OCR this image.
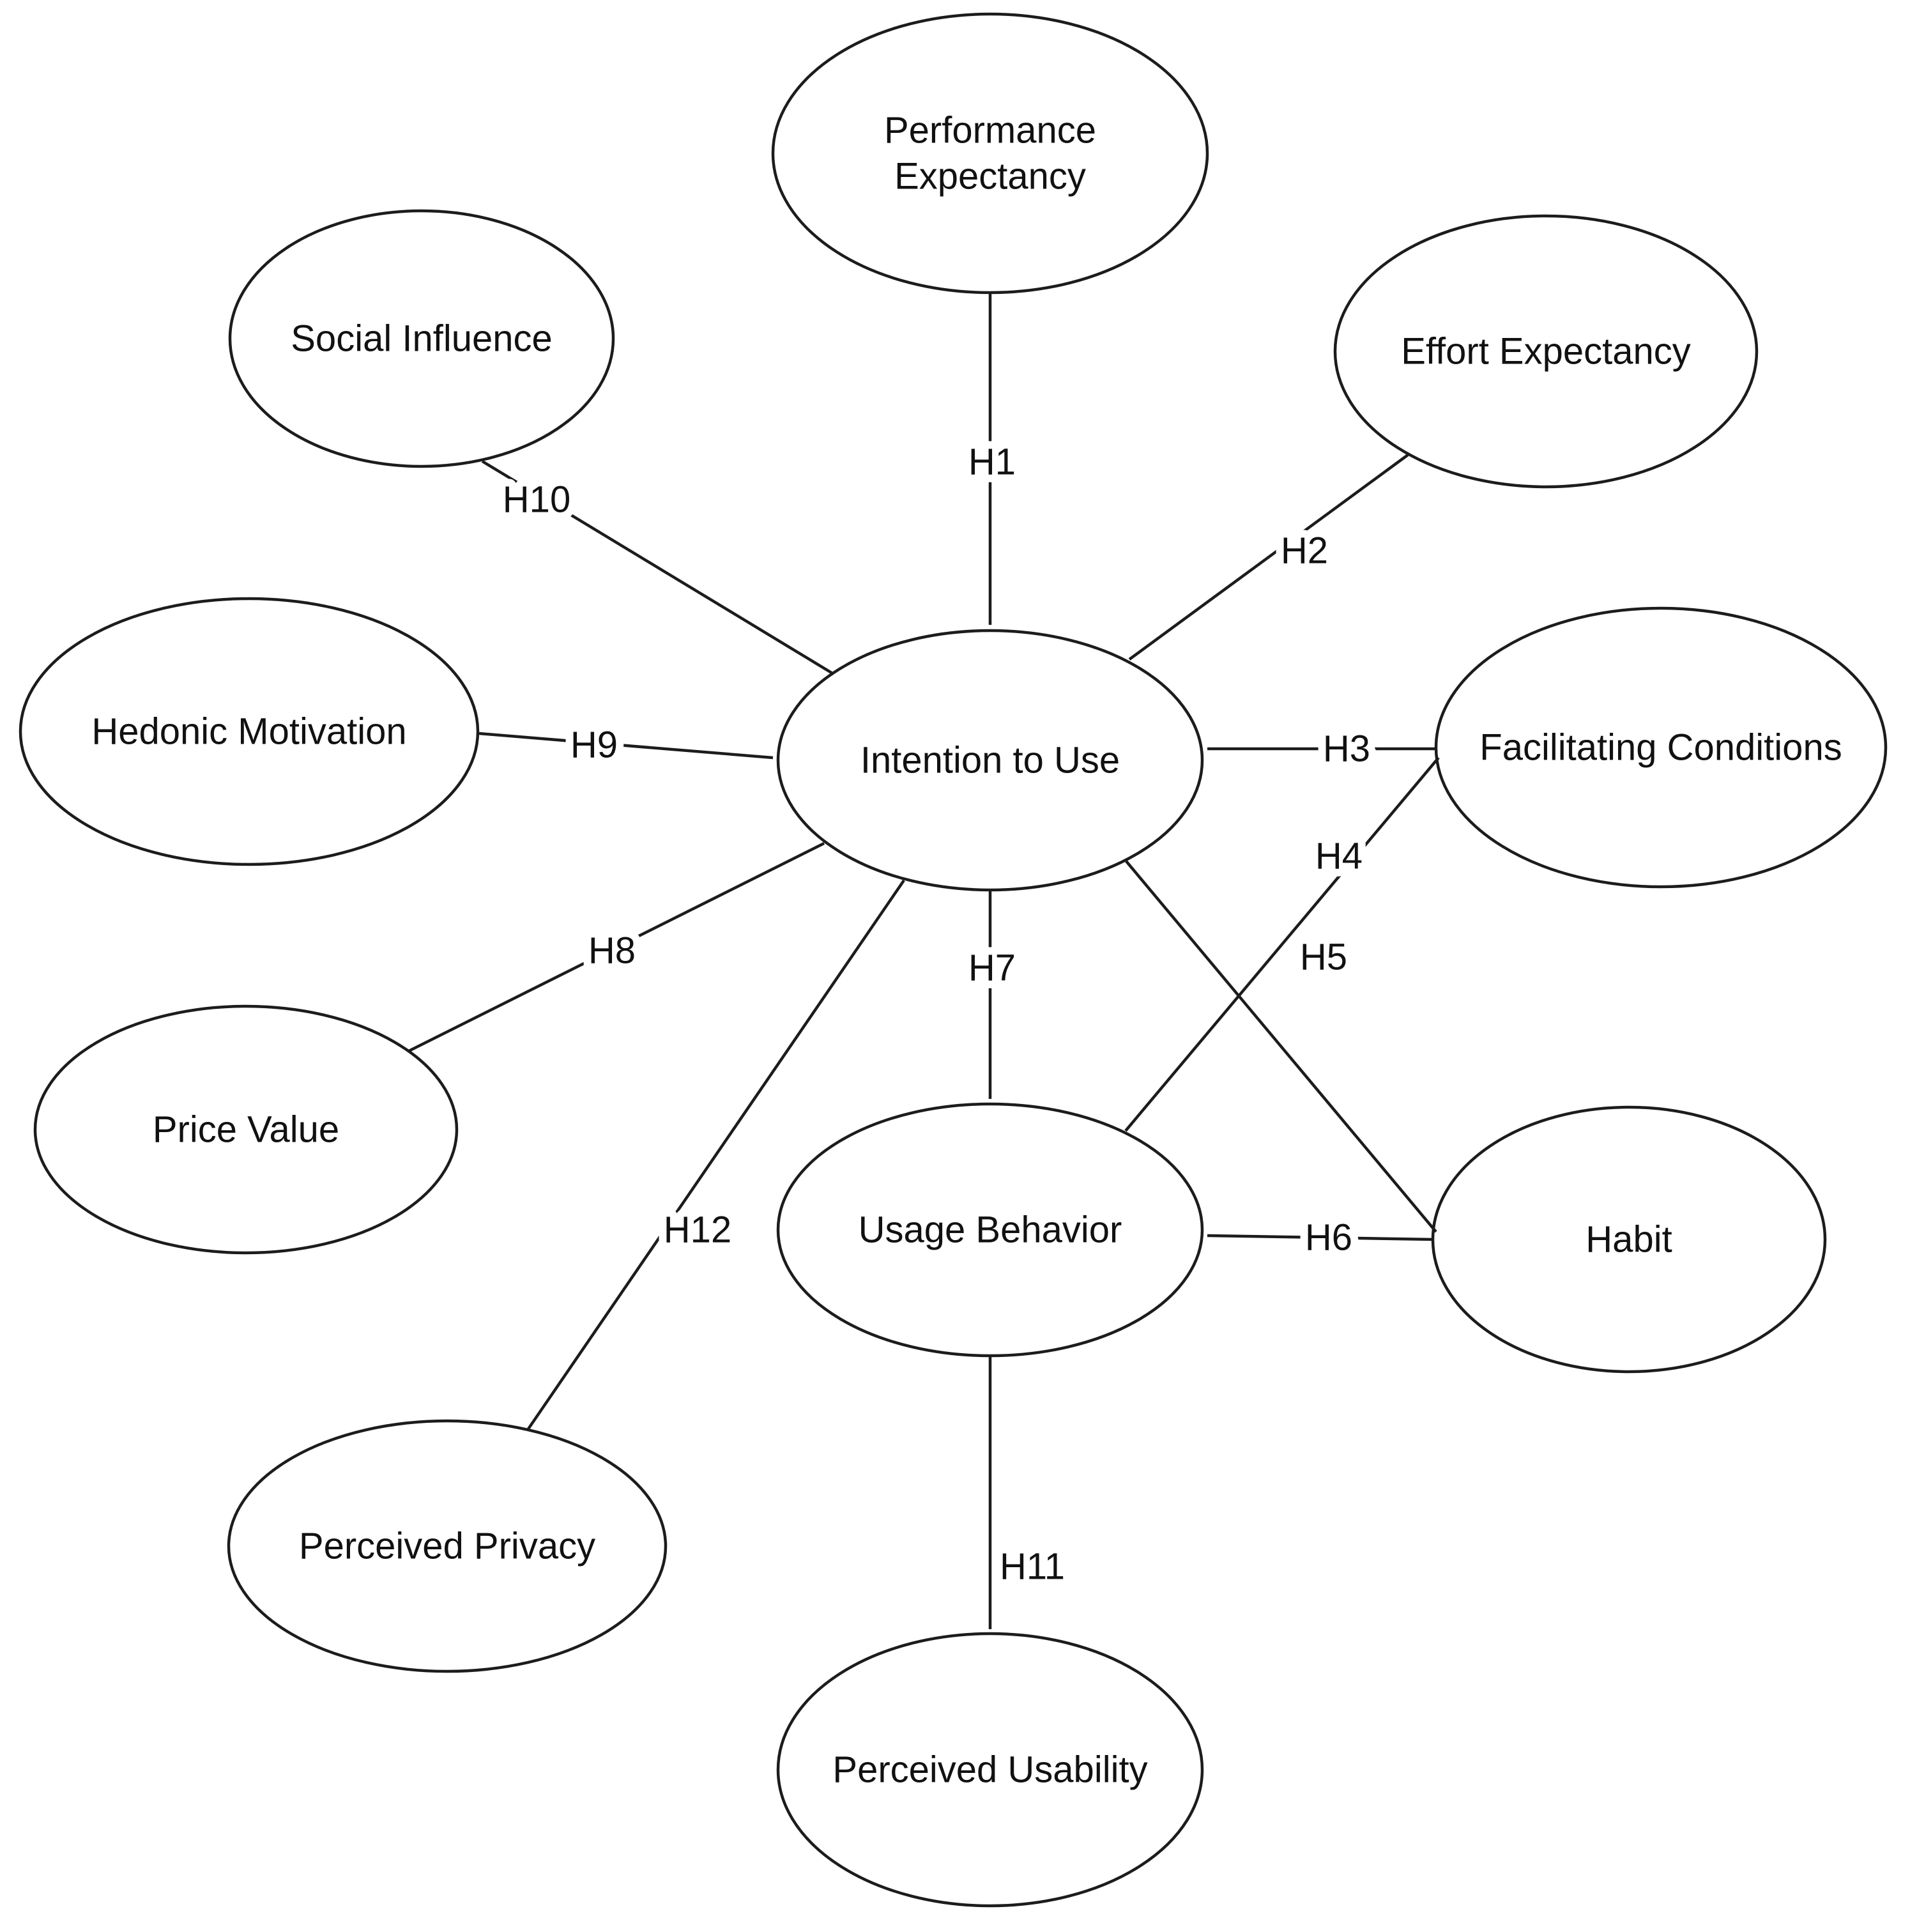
Performance Expectancy
Social Influence	Effort Expectancy
Hedonic Motivation	Facilitating Conditions
Price Value
Perceived Privacy
Habit
Intention to Use
Usage Behavior
Perceived Usability
H1
H2
H3
H4
H5
H6
H7
H8
H9
H10
H11
H12
